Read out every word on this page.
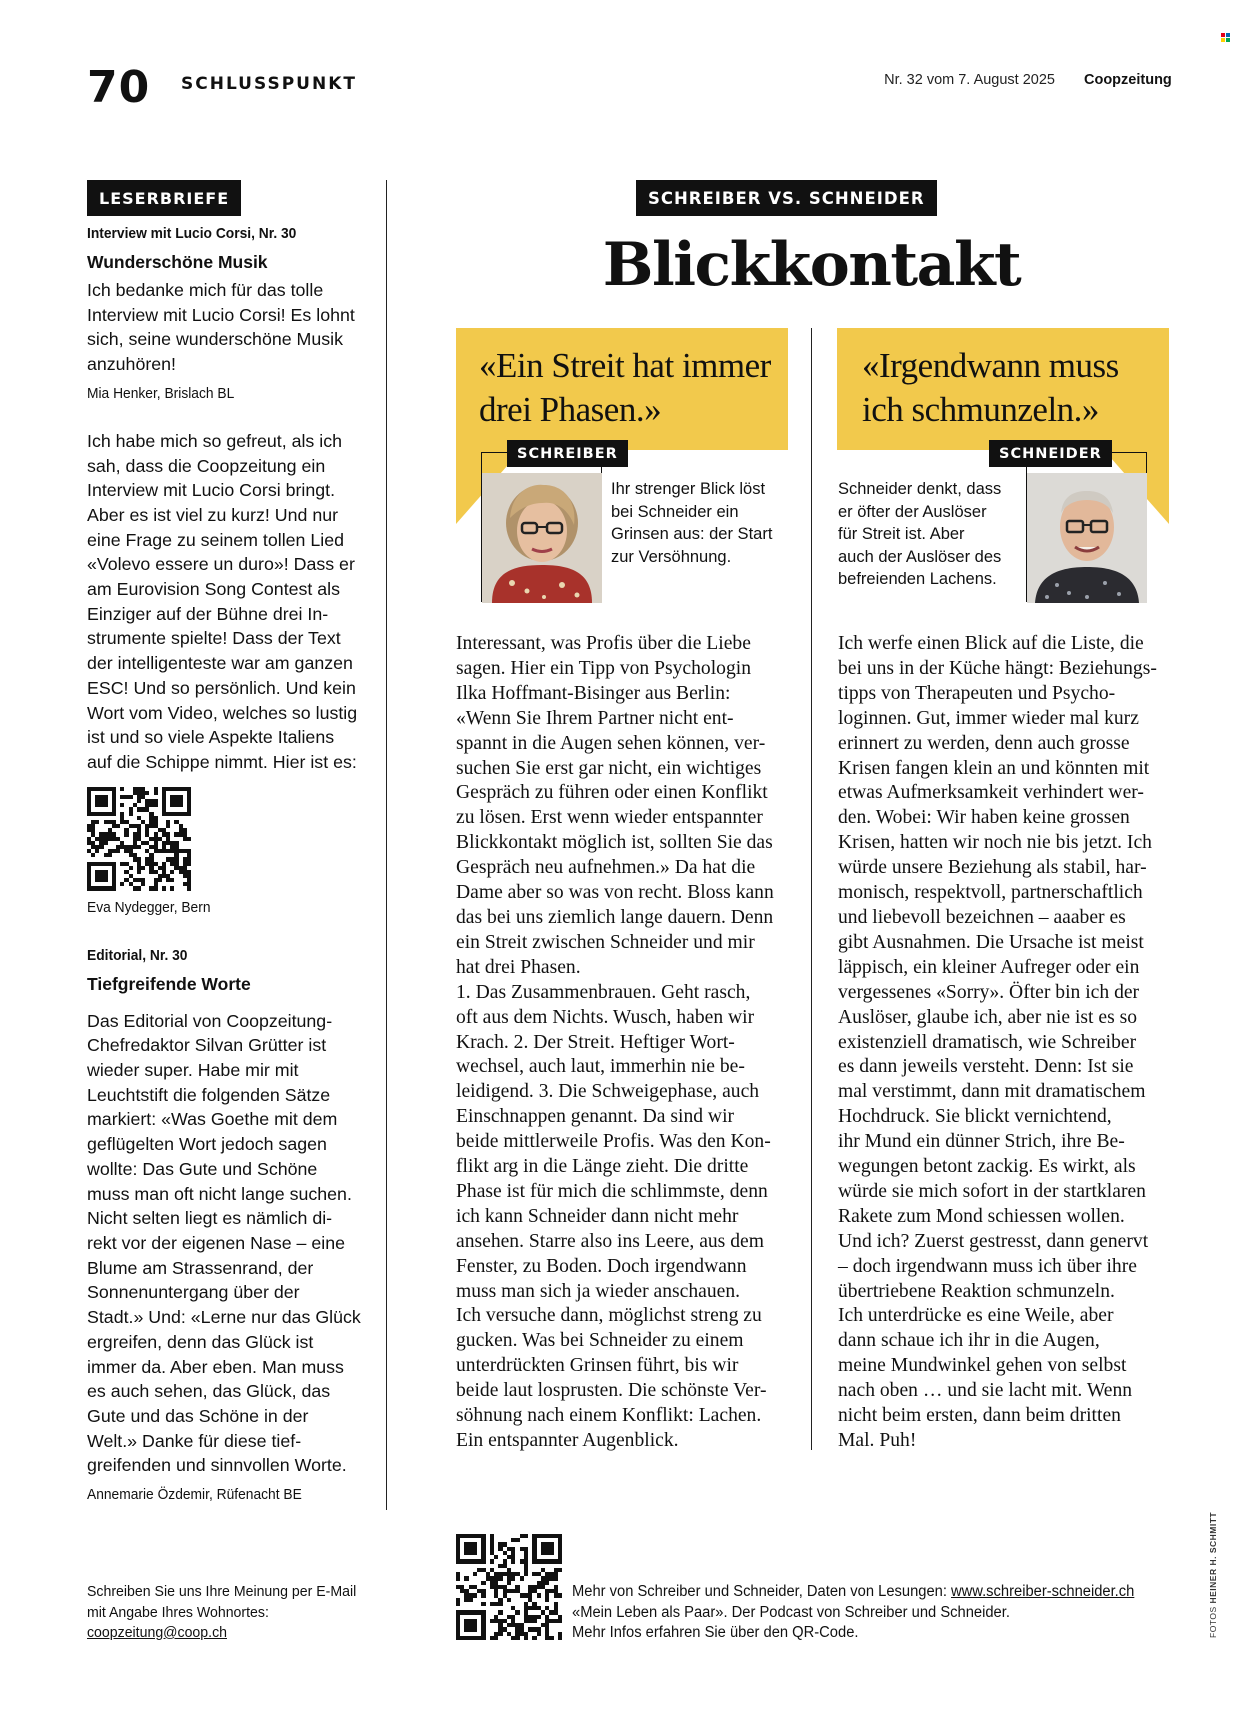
70 SCHLUSSPUNKT	Nr. 32 vom 7. August 2025 Coopzeitung
LESERBRIEFE
Interview mit Lucio Corsi, Nr. 30
Wunderschöne Musik
Ich bedanke mich für das tolle
Interview mit Lucio Corsi! Es lohnt
sich, seine wunderschöne Musik
anzuhören!
Mia Henker, Brislach BL
Ich habe mich so gefreut, als ich
sah, dass die Coopzeitung ein
Interview mit Lucio Corsi bringt.
Aber es ist viel zu kurz! Und nur
eine Frage zu seinem tollen Lied
«Volevo essere un duro»! Dass er
am Eurovision Song Contest als
Einziger auf der Bühne drei In-
strumente spielte! Dass der Text
der intelligenteste war am ganzen
ESC! Und so persönlich. Und kein
Wort vom Video, welches so lustig
ist und so viele Aspekte Italiens
auf die Schippe nimmt. Hier ist es:
Eva Nydegger, Bern
Editorial, Nr. 30
Tiefgreifende Worte
Das Editorial von Coopzeitung-
Chefredaktor Silvan Grütter ist
wieder super. Habe mir mit
Leuchtstift die folgenden Sätze
markiert: «Was Goethe mit dem
geflügelten Wort jedoch sagen
wollte: Das Gute und Schöne
muss man oft nicht lange suchen.
Nicht selten liegt es nämlich di-
rekt vor der eigenen Nase – eine
Blume am Strassenrand, der
Sonnenuntergang über der
Stadt.» Und: «Lerne nur das Glück
ergreifen, denn das Glück ist
immer da. Aber eben. Man muss
es auch sehen, das Glück, das
Gute und das Schöne in der
Welt.» Danke für diese tief-
greifenden und sinnvollen Worte.
Annemarie Özdemir, Rüfenacht BE
Schreiben Sie uns Ihre Meinung per E-Mail
mit Angabe Ihres Wohnortes:
coopzeitung@coop.ch
SCHREIBER VS. SCHNEIDER
Blickkontakt
«Ein Streit hat immer
drei Phasen.»
SCHREIBER
Ihr strenger Blick löst
bei Schneider ein
Grinsen aus: der Start
zur Versöhnung.
«Irgendwann muss
ich schmunzeln.»
SCHNEIDER
Schneider denkt, dass
er öfter der Auslöser
für Streit ist. Aber
auch der Auslöser des
befreienden Lachens.
Interessant, was Profis über die Liebe
sagen. Hier ein Tipp von Psychologin
Ilka Hoffmant-Bisinger aus Berlin:
«Wenn Sie Ihrem Partner nicht ent-
spannt in die Augen sehen können, ver-
suchen Sie erst gar nicht, ein wichtiges
Gespräch zu führen oder einen Konflikt
zu lösen. Erst wenn wieder entspannter
Blickkontakt möglich ist, sollten Sie das
Gespräch neu aufnehmen.» Da hat die
Dame aber so was von recht. Bloss kann
das bei uns ziemlich lange dauern. Denn
ein Streit zwischen Schneider und mir
hat drei Phasen.
1. Das Zusammenbrauen. Geht rasch,
oft aus dem Nichts. Wusch, haben wir
Krach. 2. Der Streit. Heftiger Wort-
wechsel, auch laut, immerhin nie be-
leidigend. 3. Die Schweigephase, auch
Einschnappen genannt. Da sind wir
beide mittlerweile Profis. Was den Kon-
flikt arg in die Länge zieht. Die dritte
Phase ist für mich die schlimmste, denn
ich kann Schneider dann nicht mehr
ansehen. Starre also ins Leere, aus dem
Fenster, zu Boden. Doch irgendwann
muss man sich ja wieder anschauen.
Ich versuche dann, möglichst streng zu
gucken. Was bei Schneider zu einem
unterdrückten Grinsen führt, bis wir
beide laut losprusten. Die schönste Ver-
söhnung nach einem Konflikt: Lachen.
Ein entspannter Augenblick.
Ich werfe einen Blick auf die Liste, die
bei uns in der Küche hängt: Beziehungs-
tipps von Therapeuten und Psycho-
loginnen. Gut, immer wieder mal kurz
erinnert zu werden, denn auch grosse
Krisen fangen klein an und könnten mit
etwas Aufmerksamkeit verhindert wer-
den. Wobei: Wir haben keine grossen
Krisen, hatten wir noch nie bis jetzt. Ich
würde unsere Beziehung als stabil, har-
monisch, respektvoll, partnerschaftlich
und liebevoll bezeichnen – aaaber es
gibt Ausnahmen. Die Ursache ist meist
läppisch, ein kleiner Aufreger oder ein
vergessenes «Sorry». Öfter bin ich der
Auslöser, glaube ich, aber nie ist es so
existenziell dramatisch, wie Schreiber
es dann jeweils versteht. Denn: Ist sie
mal verstimmt, dann mit dramatischem
Hochdruck. Sie blickt vernichtend,
ihr Mund ein dünner Strich, ihre Be-
wegungen betont zackig. Es wirkt, als
würde sie mich sofort in der startklaren
Rakete zum Mond schiessen wollen.
Und ich? Zuerst gestresst, dann genervt
– doch irgendwann muss ich über ihre
übertriebene Reaktion schmunzeln.
Ich unterdrücke es eine Weile, aber
dann schaue ich ihr in die Augen,
meine Mundwinkel gehen von selbst
nach oben … und sie lacht mit. Wenn
nicht beim ersten, dann beim dritten
Mal. Puh!
Mehr von Schreiber und Schneider, Daten von Lesungen: www.schreiber-schneider.ch
«Mein Leben als Paar». Der Podcast von Schreiber und Schneider.
Mehr Infos erfahren Sie über den QR-Code.	FOTOS HEINER H. SCHMITT
